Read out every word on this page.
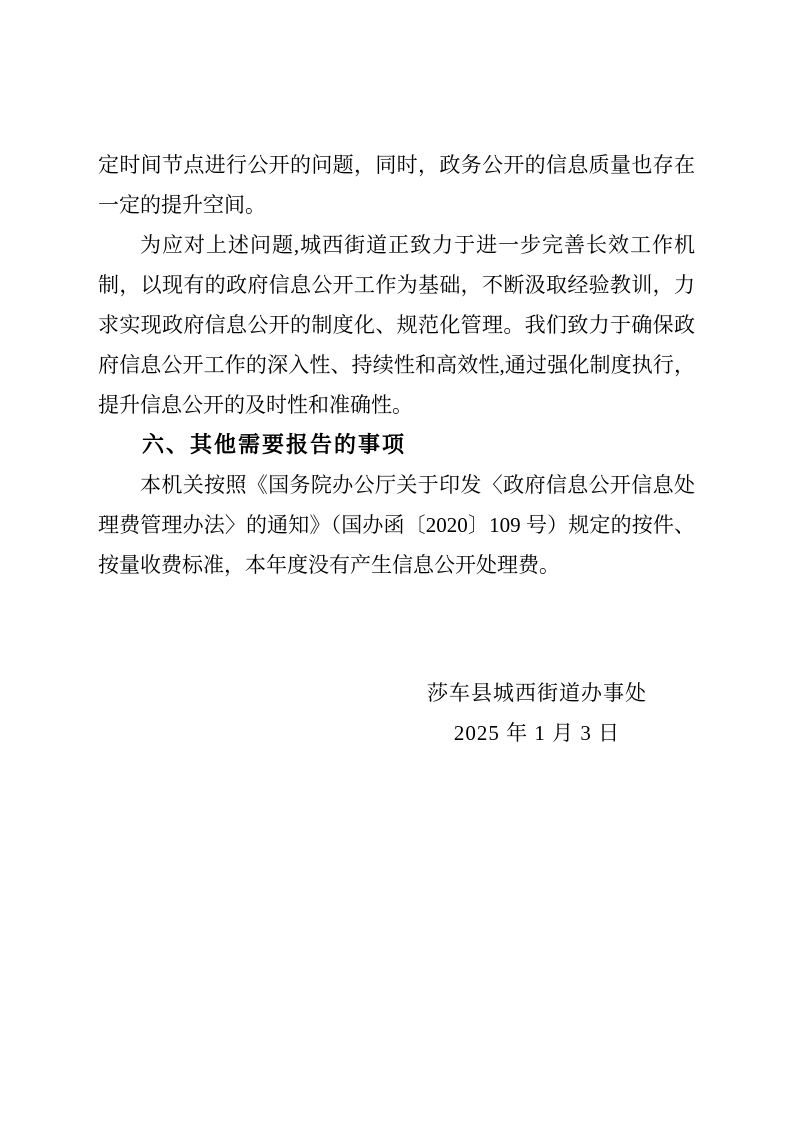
定时间节点进行公开的问题，同时，政务公开的信息质量也存在一定的提升空间。

为应对上述问题,城西街道正致力于进一步完善长效工作机制，以现有的政府信息公开工作为基础，不断汲取经验教训，力求实现政府信息公开的制度化、规范化管理。我们致力于确保政府信息公开工作的深入性、持续性和高效性,通过强化制度执行，提升信息公开的及时性和准确性。

六、其他需要报告的事项

本机关按照《国务院办公厅关于印发〈政府信息公开信息处理费管理办法〉的通知》（国办函〔2020〕109 号）规定的按件、按量收费标准，本年度没有产生信息公开处理费。

莎车县城西街道办事处
2025 年 1 月 3 日
